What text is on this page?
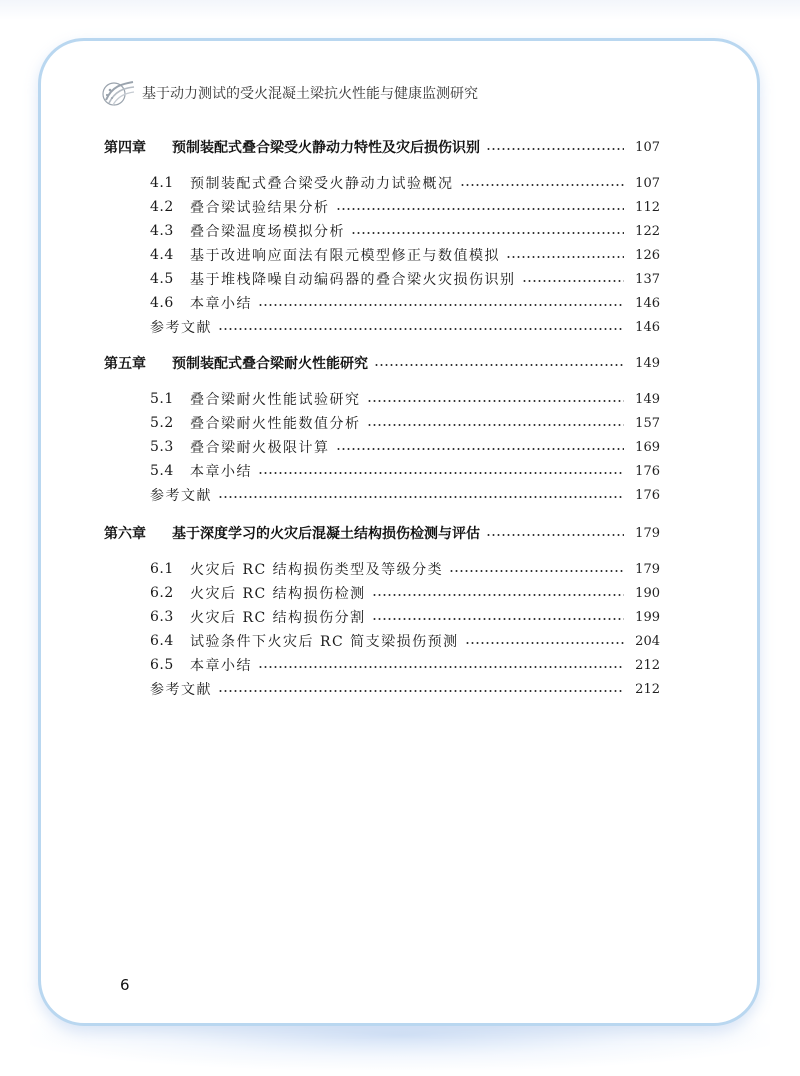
基于动力测试的受火混凝土梁抗火性能与健康监测研究
第四章	预制装配式叠合梁受火静动力特性及灾后损伤识别	107
4.1	预制装配式叠合梁受火静动力试验概况	107
4.2	叠合梁试验结果分析	112
4.3	叠合梁温度场模拟分析	122
4.4	基于改进响应面法有限元模型修正与数值模拟	126
4.5	基于堆栈降噪自动编码器的叠合梁火灾损伤识别	137
4.6	本章小结	146
参考文献	146
第五章	预制装配式叠合梁耐火性能研究	149
5.1	叠合梁耐火性能试验研究	149
5.2	叠合梁耐火性能数值分析	157
5.3	叠合梁耐火极限计算	169
5.4	本章小结	176
参考文献	176
第六章	基于深度学习的火灾后混凝土结构损伤检测与评估	179
6.1	火灾后 RC 结构损伤类型及等级分类	179
6.2	火灾后 RC 结构损伤检测	190
6.3	火灾后 RC 结构损伤分割	199
6.4	试验条件下火灾后 RC 简支梁损伤预测	204
6.5	本章小结	212
参考文献	212
6
